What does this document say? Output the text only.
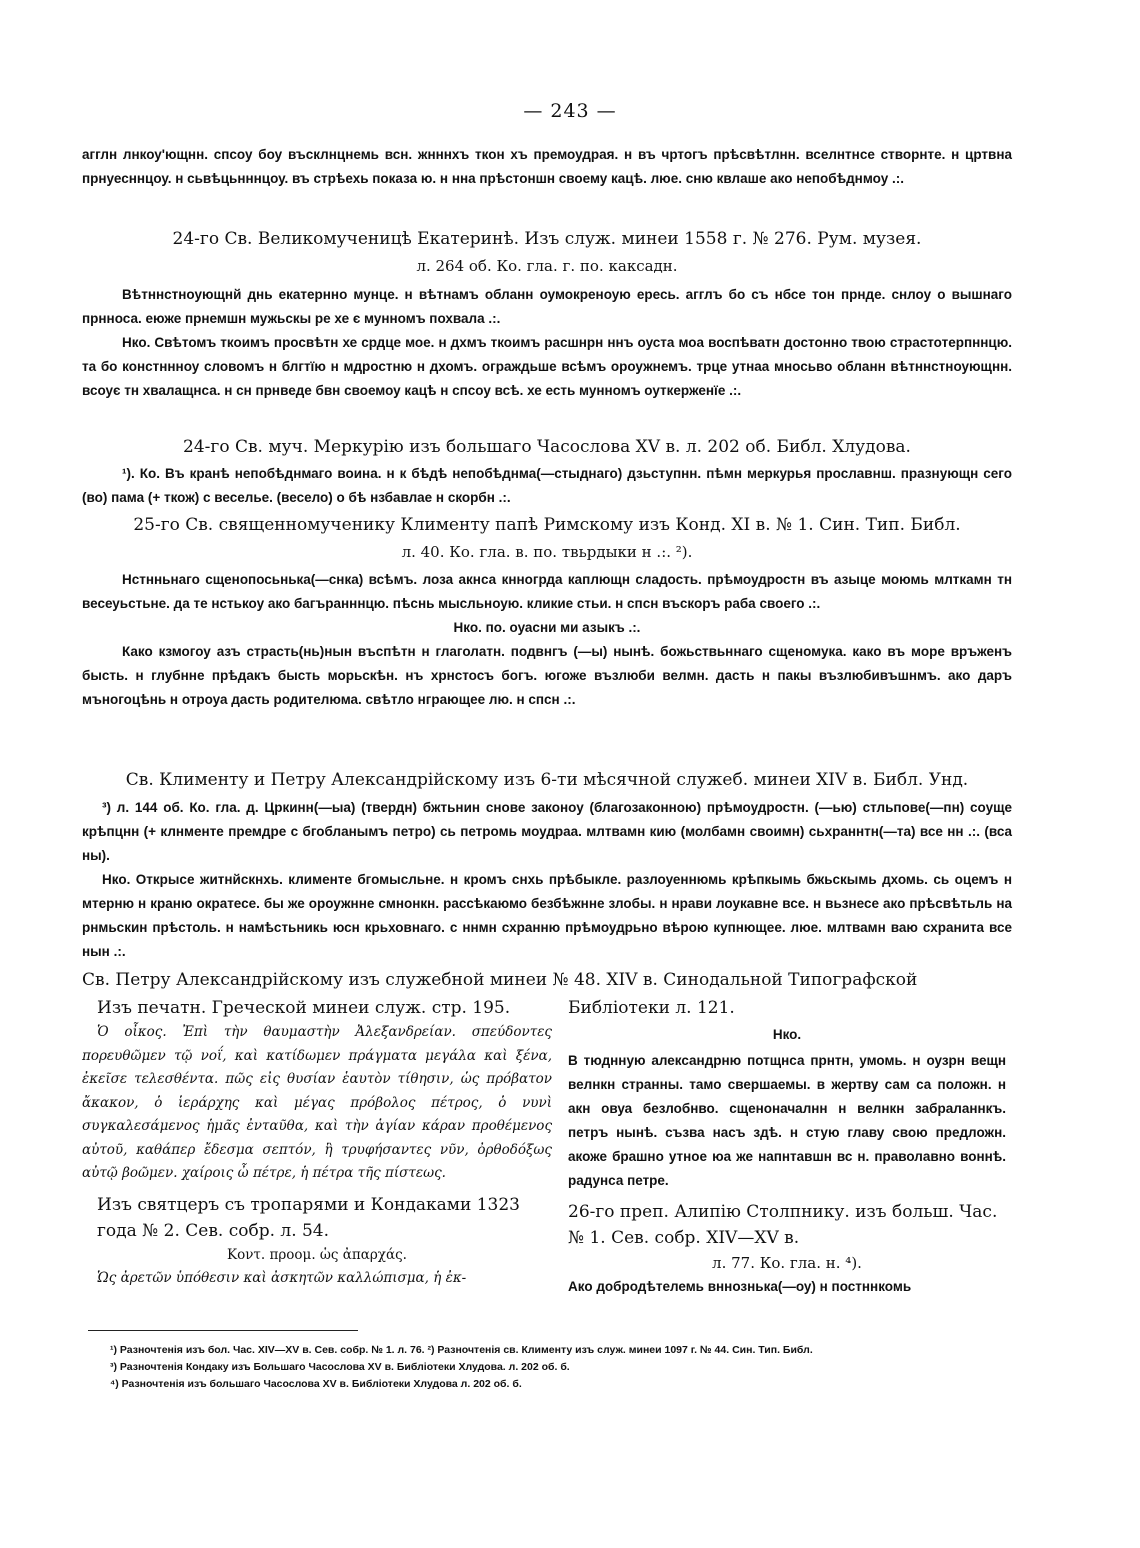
— 243 —

агглн лнкоу'ющнн. спсоу боу въсклнцнемь всн. жнннхъ ткон хъ премоудрая. н въ чртогъ прѣсвѣтлнн. вселнтнсе створнте. н цртвна прнуесннцоу. н сьвѣцьнннцоу. въ стрѣехь показа ю. н нна прѣстоншн своему кацѣ. люе. сню квлаше ако непобѣднмоу .:.

24-го Св. Великомученицѣ Екатеринѣ. Изъ служ. минеи 1558 г. № 276. Рум. музея.
л. 264 об. Ко. гла. г. по. каксадн.

Вѣтннстноующнй днь екатернно мунце. н вѣтнамъ обланн оумокреноую ересь. агглъ бо съ нбсе тон прнде. снлоу о вышнаго прнноса. еюже прнемшн мужьскы ре хе є мунномъ похвала .:.

Нко. Свѣтомъ ткоимъ просвѣтн хе срдце мое. н дхмъ ткоимъ расшнрн ннъ оуста моа воспѣватн достонно твою страстотерпннцю. та бо констннноу словомъ н блгтїю н мдростню н дхомъ. ограждьше всѣмъ ороужнемъ. трце утнаа мносьво обланн вѣтннстноующнн. всоує тн хвалащнса. н сн прнведе бвн своемоу кацѣ н спсоу всѣ. хе есть мунномъ оуткерженїе .:.

24-го Св. муч. Меркурію изъ большаго Часослова XV в. л. 202 об. Библ. Хлудова.

¹). Ко. Въ кранѣ непобѣднмаго воина. н к бѣдѣ непобѣднма(—стыднаго) дзьступнн. пѣмн меркурья прославнш. празнующн сего (во) пама (+ ткож) с веселье. (весело) о бѣ нзбавлае н скорбн .:.

25-го Св. священномученику Клименту папѣ Римскому изъ Конд. XI в. № 1. Син. Тип. Библ.
л. 40. Ко. гла. в. по. твьрдыки н .:. ²).

Нстнньнаго сщенопосьнька(—снка) всѣмъ. лоза акнса кнногрда каплющн сладость. прѣмоудростн въ азыце моюмь млткамн тн весеуьстьне. да те нстькоу ако багъранннцю. пѣснь мысльноую. кликие стьи. н спсн въскоръ раба своего .:.

Нко. по. оуасни ми азыкъ .:.

Како кзмогоу азъ страсть(нь)нын въспѣтн н глаголатн. подвнгъ (—ы) нынѣ. божьствьннаго сщеномука. како въ море връженъ бысть. н глубнне прѣдакъ бысть морьскѣн. нъ хрнстосъ богъ. югоже възлюби велмн. дасть н пакы възлюбивъшнмъ. ако даръ мъногоцѣнь н отроуа дасть родителюма. свѣтло нграющее лю. н спсн .:.

Св. Клименту и Петру Александрійскому изъ 6-ти мѣсячной служеб. минеи XIV в. Библ. Унд.

³) л. 144 об. Ко. гла. д. Цркинн(—ыа) (твердн) бжтьнин снове законоу (благозаконною) прѣмоудростн. (—ью) стльпове(—пн) соуще крѣпцнн (+ клнменте премдре с бгобланымъ петро) сь петромь моудраа. млтвамн кию (молбамн своимн) сьхраннтн(—та) все нн .:. (вса ны).

Нко. Открысе житнйскнхь. климентe бгомысльне. н кромъ снхь прѣбыкле. разлоуеннюмь крѣпкымь бжьскымь дхомь. сь оцемъ н мтерню н краню ократесе. бы же ороужнне смнонкн. рассѣкаюмо безбѣжнне злобы. н нрави лоукавне все. н вьзнесе ако прѣсвѣтьль на рнмьскин прѣстоль. н намѣстьникь юсн крьховнаго. с ннмн схранню прѣмоудрьно вѣрою купнющее. люе. млтвамн ваю схранита все нын .:.

Св. Петру Александрійскому изъ служебной минеи № 48. XIV в. Синодальной Типографской
Изъ печатн. Греческой минеи служ. стр. 195.
Ὁ οἶκος. Ἐπὶ τὴν θαυμαστὴν Ἀλεξανδρείαν. σπεύδοντες πορευθῶμεν τῷ νοΐ, καὶ κατίδωμεν πράγματα μεγάλα καὶ ξένα, ἐκεῖσε τελεσθέντα. πῶς εἰς θυσίαν ἑαυτὸν τίθησιν, ὡς πρόβατον ἄκακον, ὁ ἱεράρχης καὶ μέγας πρόβολος πέτρος, ὁ νυνὶ συγκαλεσάμενος ἡμᾶς ἐνταῦθα, καὶ τὴν ἁγίαν κάραν προθέμενος αὐτοῦ, καθάπερ ἔδεσμα σεπτόν, ἣ τρυφήσαντες νῦν, ὀρθοδόξως αὐτῷ βοῶμεν. χαίροις ὦ πέτρε, ἡ πέτρα τῆς πίστεως.
Изъ святцеръ съ тропарями и Кондаками 1323 года № 2. Сев. собр. л. 54.
Κοντ. προομ. ὡς ἀπαρχάς.
Ὡς ἀρετῶν ὑπόθεσιν καὶ ἀσκητῶν καλλώπισμα, ἡ ἐκ-
Библіотеки л. 121.
Нко.
В тюднную александрню потщнса прнтн, умомь. н оузрн вещн велнкн странны. тамо свершаемы. в жертву сам са положн. н акн овуа безлобнво. сщеноначалнн н велнкн забраланнкъ. петръ нынѣ. съзва насъ здѣ. н стую главу свою предложн. акоже брашно утное юа же напнтавшн вс н. праволавно воннѣ. радунса петре.
26-го преп. Алипію Столпнику. изъ больш. Час. № 1. Сев. собр. XIV—XV в.
л. 77. Ко. гла. н. ⁴).
Ако добродѣтелемь вннознька(—оу) н постннкомь
¹) Разночтенія изъ бол. Час. XIV—XV в. Сев. собр. № 1. л. 76. ²) Разночтенія св. Клименту изъ служ. минеи 1097 г. № 44. Син. Тип. Библ.
³) Разночтенія Кондаку изъ Большаго Часослова XV в. Библіотеки Хлудова. л. 202 об. б.
⁴) Разночтенія изъ большаго Часослова XV в. Библіотеки Хлудова л. 202 об. б.
